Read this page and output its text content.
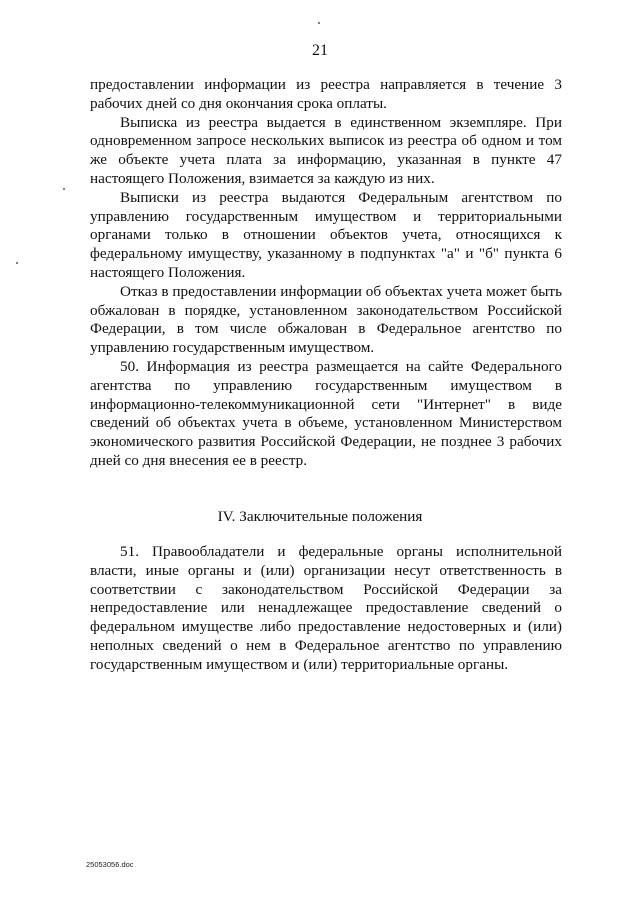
21

предоставлении информации из реестра направляется в течение 3 рабочих дней со дня окончания срока оплаты.

Выписка из реестра выдается в единственном экземпляре. При одновременном запросе нескольких выписок из реестра об одном и том же объекте учета плата за информацию, указанная в пункте 47 настоящего Положения, взимается за каждую из них.

Выписки из реестра выдаются Федеральным агентством по управлению государственным имуществом и территориальными органами только в отношении объектов учета, относящихся к федеральному имуществу, указанному в подпунктах "а" и "б" пункта 6 настоящего Положения.

Отказ в предоставлении информации об объектах учета может быть обжалован в порядке, установленном законодательством Российской Федерации, в том числе обжалован в Федеральное агентство по управлению государственным имуществом.

50. Информация из реестра размещается на сайте Федерального агентства по управлению государственным имуществом в информационно-телекоммуникационной сети "Интернет" в виде сведений об объектах учета в объеме, установленном Министерством экономического развития Российской Федерации, не позднее 3 рабочих дней со дня внесения ее в реестр.

IV. Заключительные положения

51. Правообладатели и федеральные органы исполнительной власти, иные органы и (или) организации несут ответственность в соответствии с законодательством Российской Федерации за непредоставление или ненадлежащее предоставление сведений о федеральном имуществе либо предоставление недостоверных и (или) неполных сведений о нем в Федеральное агентство по управлению государственным имуществом и (или) территориальные органы.

25053056.doc
